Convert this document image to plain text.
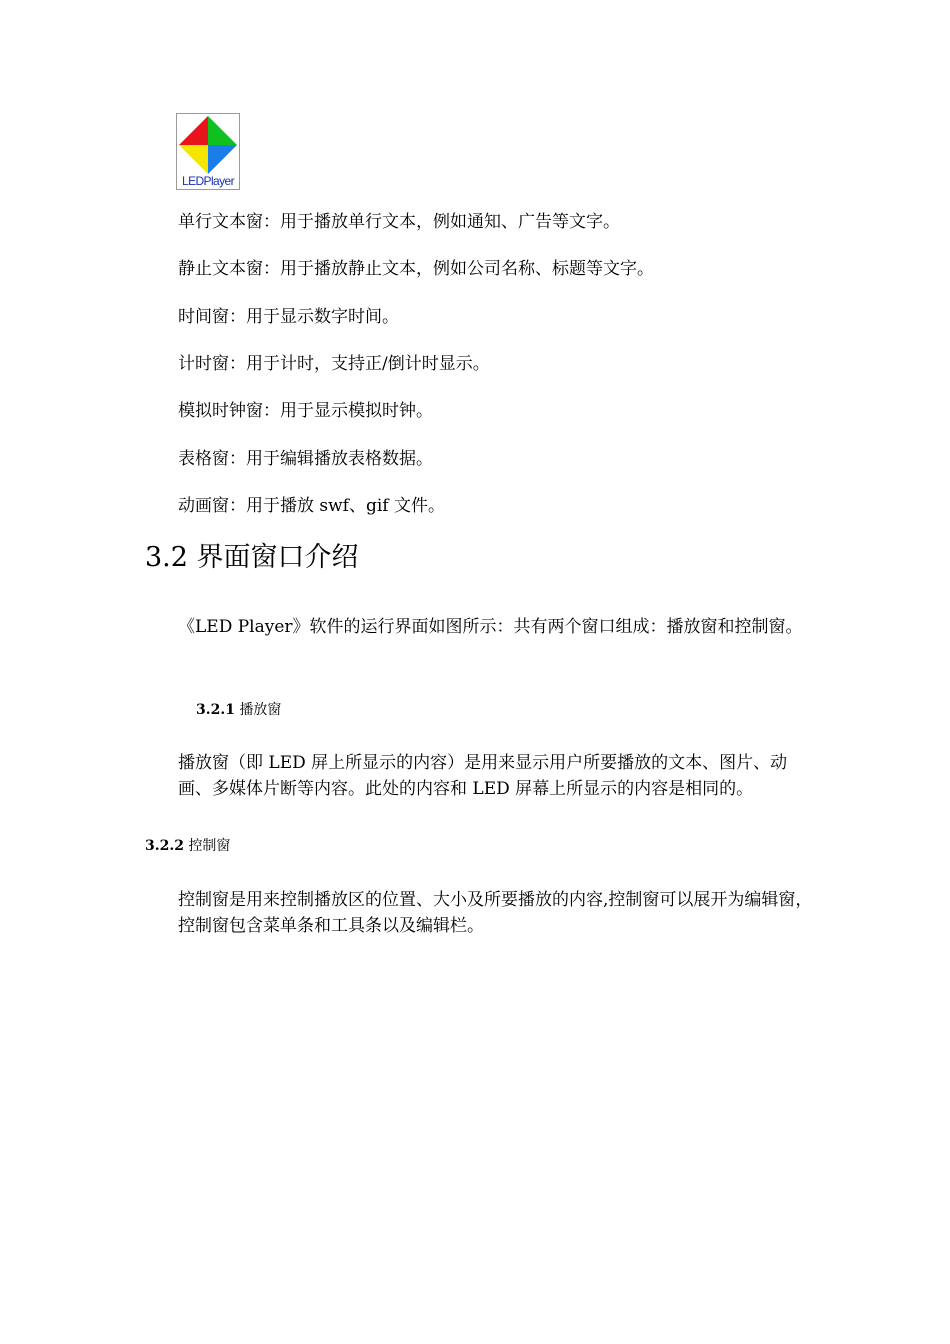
LEDPlayer
单行文本窗：用于播放单行文本，例如通知、广告等文字。
静止文本窗：用于播放静止文本，例如公司名称、标题等文字。
时间窗：用于显示数字时间。
计时窗：用于计时，支持正/倒计时显示。
模拟时钟窗：用于显示模拟时钟。
表格窗：用于编辑播放表格数据。
动画窗：用于播放 swf、gif 文件。
3.2 界面窗口介绍
《LED Player》软件的运行界面如图所示：共有两个窗口组成：播放窗和控制窗。
3.2.1 播放窗
播放窗（即 LED 屏上所显示的内容）是用来显示用户所要播放的文本、图片、动画、多媒体片断等内容。此处的内容和 LED 屏幕上所显示的内容是相同的。
3.2.2 控制窗
控制窗是用来控制播放区的位置、大小及所要播放的内容,控制窗可以展开为编辑窗，控制窗包含菜单条和工具条以及编辑栏。
